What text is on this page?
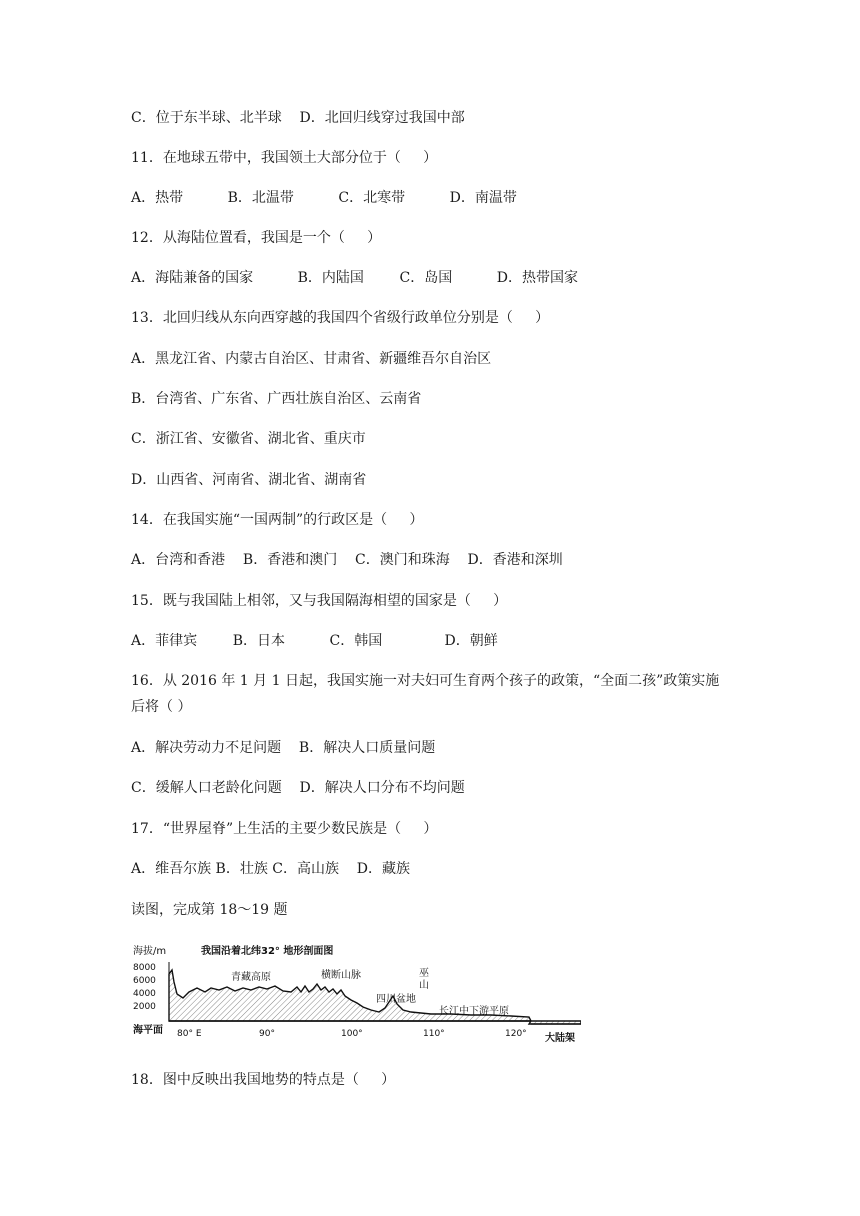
C．位于东半球、北半球    D．北回归线穿过我国中部
11．在地球五带中，我国领土大部分位于（     ）
A．热带          B．北温带          C．北寒带          D．南温带
12．从海陆位置看，我国是一个（     ）
A．海陆兼备的国家          B．内陆国        C．岛国          D．热带国家
13．北回归线从东向西穿越的我国四个省级行政单位分别是（     ）
A．黑龙江省、内蒙古自治区、甘肃省、新疆维吾尔自治区
B．台湾省、广东省、广西壮族自治区、云南省
C．浙江省、安徽省、湖北省、重庆市
D．山西省、河南省、湖北省、湖南省
14．在我国实施“一国两制”的行政区是（     ）
A．台湾和香港    B．香港和澳门    C．澳门和珠海    D．香港和深圳
15．既与我国陆上相邻，又与我国隔海相望的国家是（     ）
A．菲律宾        B．日本          C．韩国              D．朝鲜
16．从 2016 年 1 月 1 日起，我国实施一对夫妇可生育两个孩子的政策，“全面二孩”政策实施后将（ ）
A．解决劳动力不足问题    B．解决人口质量问题
C．缓解人口老龄化问题    D．解决人口分布不均问题
17．“世界屋脊”上生活的主要少数民族是（     ）
A．维吾尔族 B．壮族 C．高山族    D．藏族
读图，完成第 18～19 题
海拔/m	我国沿着北纬32° 地形剖面图
8000
6000
4000
2000
海平面 80° E	90°	100°	110°	120°
青藏高原	横断山脉	巫
山
四川盆地
长江中下游平原
大陆架
18．图中反映出我国地势的特点是（     ）
